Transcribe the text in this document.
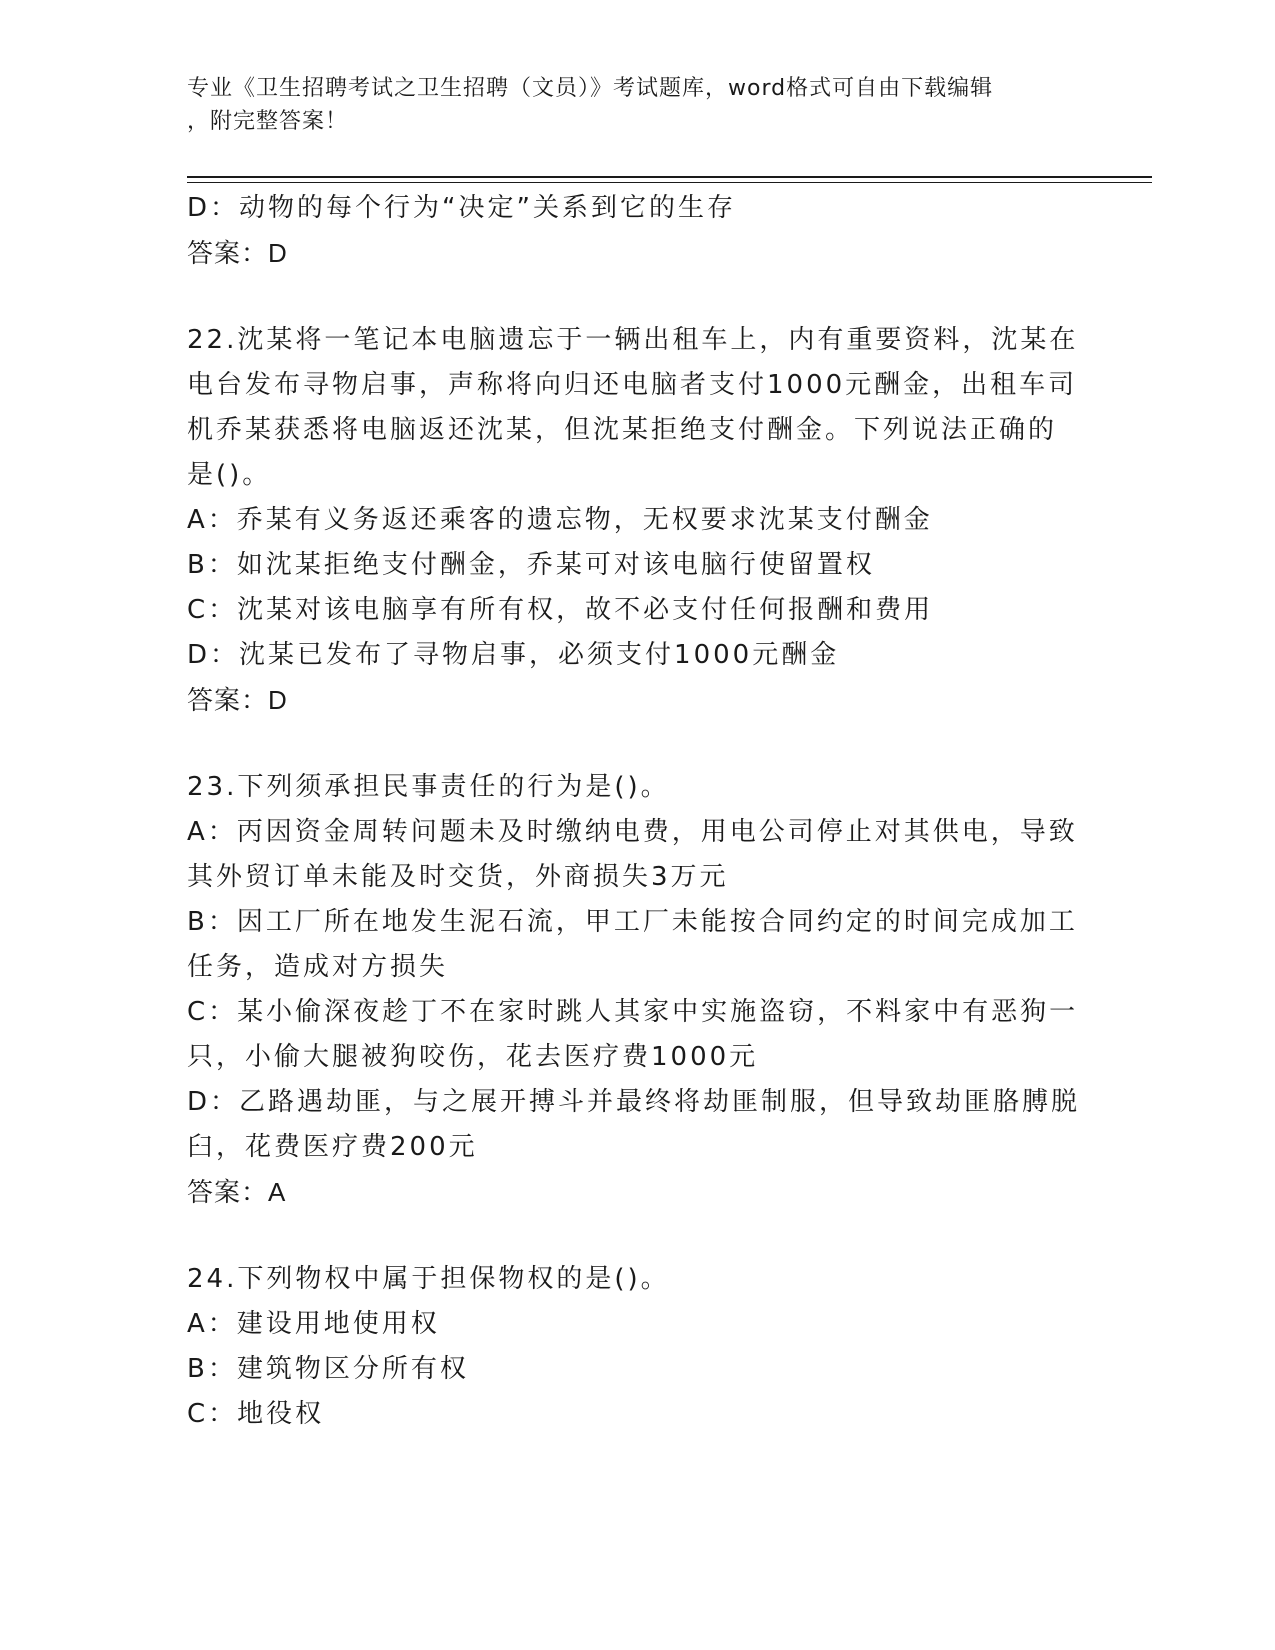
专业《卫生招聘考试之卫生招聘（文员）》考试题库，word格式可自由下载编辑
，附完整答案！
D：动物的每个行为“决定”关系到它的生存
答案：D
22.沈某将一笔记本电脑遗忘于一辆出租车上，内有重要资料，沈某在
电台发布寻物启事，声称将向归还电脑者支付1000元酬金，出租车司
机乔某获悉将电脑返还沈某，但沈某拒绝支付酬金。下列说法正确的
是()。
A：乔某有义务返还乘客的遗忘物，无权要求沈某支付酬金
B：如沈某拒绝支付酬金，乔某可对该电脑行使留置权
C：沈某对该电脑享有所有权，故不必支付任何报酬和费用
D：沈某已发布了寻物启事，必须支付1000元酬金
答案：D
23.下列须承担民事责任的行为是()。
A：丙因资金周转问题未及时缴纳电费，用电公司停止对其供电，导致
其外贸订单未能及时交货，外商损失3万元
B：因工厂所在地发生泥石流，甲工厂未能按合同约定的时间完成加工
任务，造成对方损失
C：某小偷深夜趁丁不在家时跳人其家中实施盗窃，不料家中有恶狗一
只，小偷大腿被狗咬伤，花去医疗费1000元
D：乙路遇劫匪，与之展开搏斗并最终将劫匪制服，但导致劫匪胳膊脱
臼，花费医疗费200元
答案：A
24.下列物权中属于担保物权的是()。
A：建设用地使用权
B：建筑物区分所有权
C：地役权
